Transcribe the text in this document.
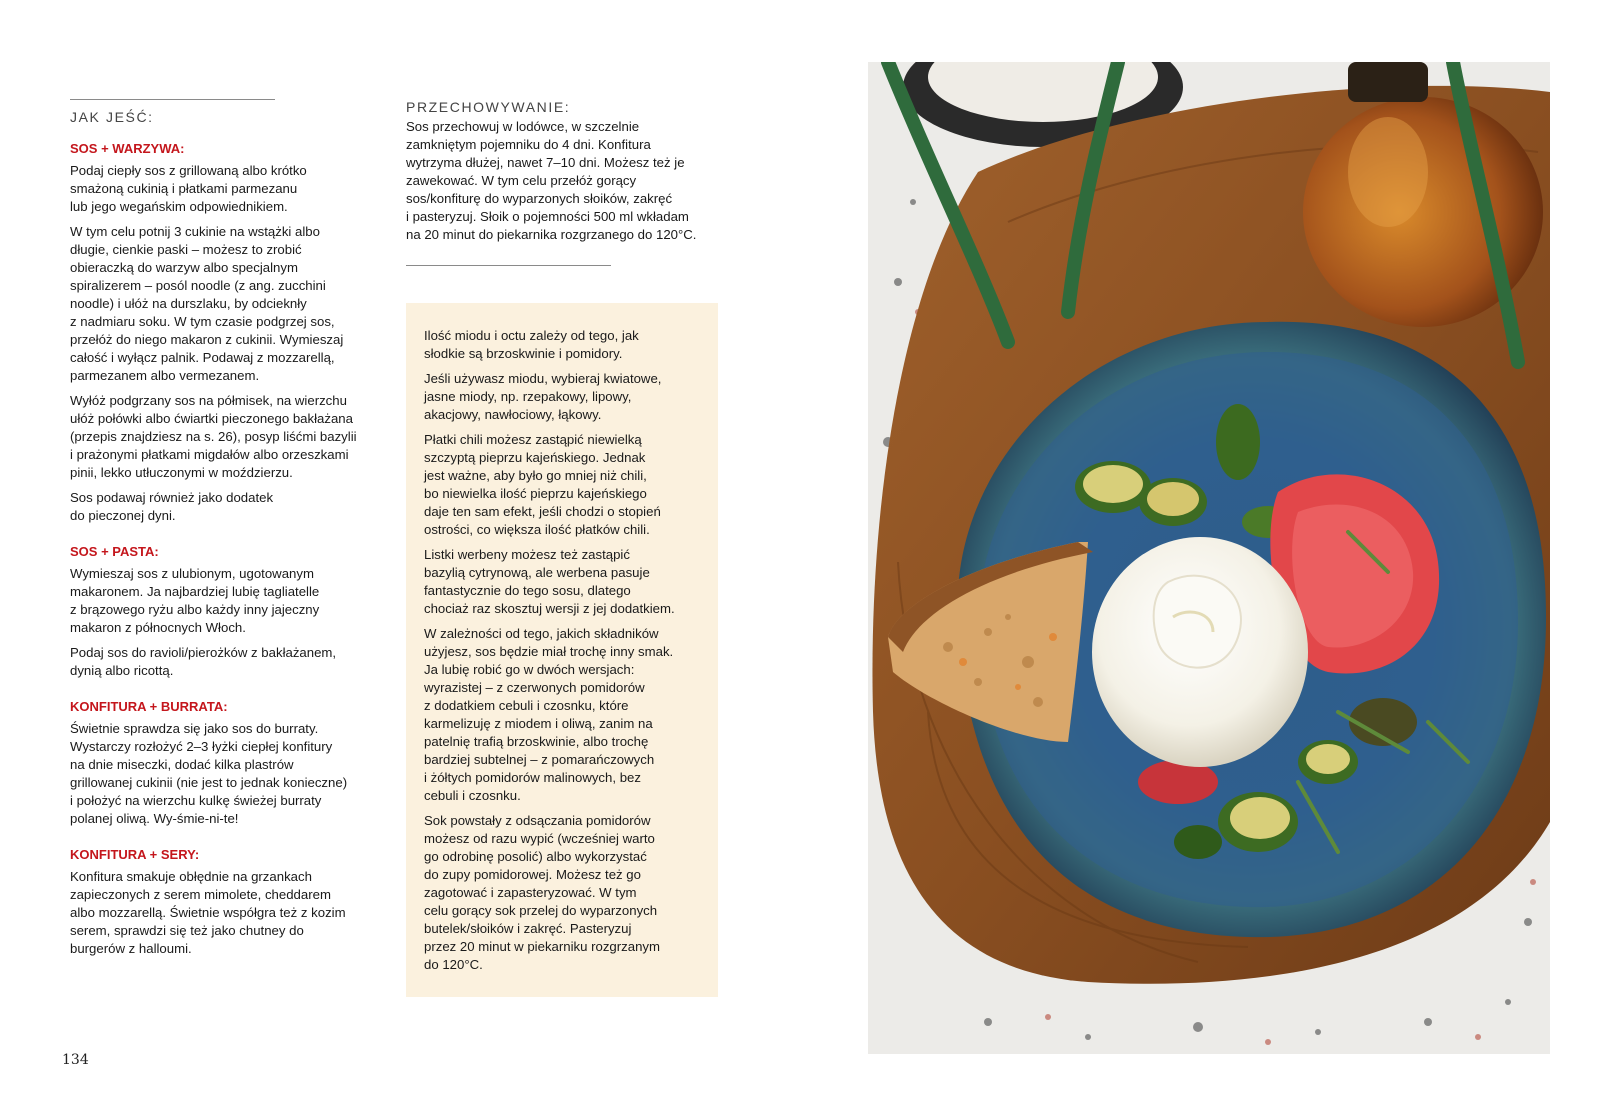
JAK JEŚĆ:
SOS + WARZYWA:

Podaj ciepły sos z grillowaną albo krótko
smażoną cukinią i płatkami parmezanu
lub jego wegańskim odpowiednikiem.

W tym celu potnij 3 cukinie na wstążki albo
długie, cienkie paski – możesz to zrobić
obieraczką do warzyw albo specjalnym
spiralizerem – posól noodle (z ang. zucchini
noodle) i ułóż na durszlaku, by odcieknły
z nadmiaru soku. W tym czasie podgrzej sos,
przełóż do niego makaron z cukinii. Wymieszaj
całość i wyłącz palnik. Podawaj z mozzarellą,
parmezanem albo vermezanem.

Wyłóż podgrzany sos na półmisek, na wierzchu
ułóż połówki albo ćwiartki pieczonego bakłażana
(przepis znajdziesz na s. 26), posyp liśćmi bazylii
i prażonymi płatkami migdałów albo orzeszkami
pinii, lekko utłuczonymi w moździerzu.

Sos podawaj również jako dodatek
do pieczonej dyni.

SOS + PASTA:

Wymieszaj sos z ulubionym, ugotowanym
makaronem. Ja najbardziej lubię tagliatelle
z brązowego ryżu albo każdy inny jajeczny
makaron z północnych Włoch.

Podaj sos do ravioli/pierożków z bakłażanem,
dynią albo ricottą.

KONFITURA + BURRATA:

Świetnie sprawdza się jako sos do burraty.
Wystarczy rozłożyć 2–3 łyżki ciepłej konfitury
na dnie miseczki, dodać kilka plastrów
grillowanej cukinii (nie jest to jednak konieczne)
i położyć na wierzchu kulkę świeżej burraty
polanej oliwą. Wy-śmie-ni-te!

KONFITURA + SERY:

Konfitura smakuje obłędnie na grzankach
zapieczonych z serem mimolete, cheddarem
albo mozzarellą. Świetnie współgra też z kozim
serem, sprawdzi się też jako chutney do
burgerów z halloumi.

PRZECHOWYWANIE:

Sos przechowuj w lodówce, w szczelnie
zamkniętym pojemniku do 4 dni. Konfitura
wytrzyma dłużej, nawet 7–10 dni. Możesz też je
zawekować. W tym celu przełóż gorący
sos/konfiturę do wyparzonych słoików, zakręć
i pasteryzuj. Słoik o pojemności 500 ml wkładam
na 20 minut do piekarnika rozgrzanego do 120°C.

Ilość miodu i octu zależy od tego, jak
słodkie są brzoskwinie i pomidory.

Jeśli używasz miodu, wybieraj kwiatowe,
jasne miody, np. rzepakowy, lipowy,
akacjowy, nawłociowy, łąkowy.

Płatki chili możesz zastąpić niewielką
szczyptą pieprzu kajeńskiego. Jednak
jest ważne, aby było go mniej niż chili,
bo niewielka ilość pieprzu kajeńskiego
daje ten sam efekt, jeśli chodzi o stopień
ostrości, co większa ilość płatków chili.

Listki werbeny możesz też zastąpić
bazylią cytrynową, ale werbena pasuje
fantastycznie do tego sosu, dlatego
chociaż raz skosztuj wersji z jej dodatkiem.

W zależności od tego, jakich składników
użyjesz, sos będzie miał trochę inny smak.
Ja lubię robić go w dwóch wersjach:
wyrazistej – z czerwonych pomidorów
z dodatkiem cebuli i czosnku, które
karmelizuję z miodem i oliwą, zanim na
patelnię trafią brzoskwinie, albo trochę
bardziej subtelnej – z pomarańczowych
i żółtych pomidorów malinowych, bez
cebuli i czosnku.

Sok powstały z odsączania pomidorów
możesz od razu wypić (wcześniej warto
go odrobinę posolić) albo wykorzystać
do zupy pomidorowej. Możesz też go
zagotować i zapasteryzować. W tym
celu gorący sok przelej do wyparzonych
butelek/słoików i zakręć. Pasteryzuj
przez 20 minut w piekarniku rozgrzanym
do 120°C.

134
